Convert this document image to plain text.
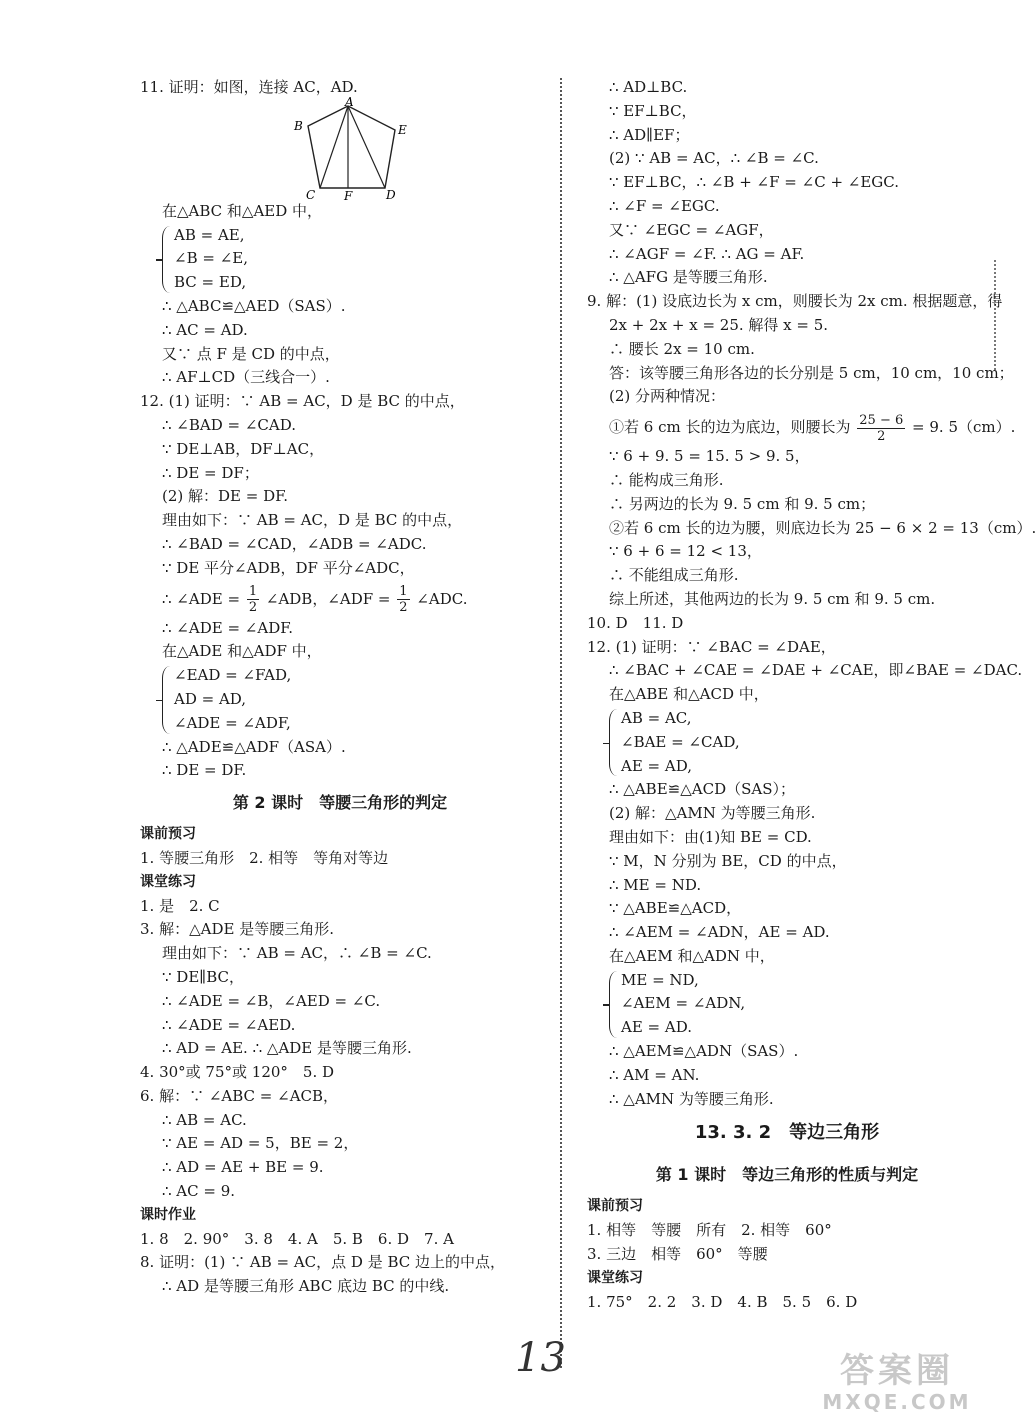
11. 证明：如图，连接 AC，AD.
A
B
C	D
E
F
在△ABC 和△AED 中，
AB = AE,
∠B = ∠E,
BC = ED,
∴ △ABC≌△AED（SAS）.
∴ AC = AD.
又∵ 点 F 是 CD 的中点，
∴ AF⊥CD（三线合一）.
12. (1) 证明：∵ AB = AC，D 是 BC 的中点，
∴ ∠BAD = ∠CAD.
∵ DE⊥AB，DF⊥AC，
∴ DE = DF；
(2) 解：DE = DF.
理由如下：∵ AB = AC，D 是 BC 的中点，
∴ ∠BAD = ∠CAD，∠ADB = ∠ADC.
∵ DE 平分∠ADB，DF 平分∠ADC，
∴ ∠ADE = $\frac{1}{2}$ ∠ADB，∠ADF = $\frac{1}{2}$ ∠ADC.
∴ ∠ADE = ∠ADF.
在△ADE 和△ADF 中，
∠EAD = ∠FAD,
AD = AD,
∠ADE = ∠ADF,
∴ △ADE≌△ADF（ASA）.
∴ DE = DF.
第 2 课时　等腰三角形的判定
课前预习
1. 等腰三角形　2. 相等　等角对等边
课堂练习
1. 是　2. C
3. 解：△ADE 是等腰三角形.
理由如下：∵ AB = AC，∴ ∠B = ∠C.
∵ DE∥BC，
∴ ∠ADE = ∠B，∠AED = ∠C.
∴ ∠ADE = ∠AED.
∴ AD = AE. ∴ △ADE 是等腰三角形.
4. 30°或 75°或 120°　5. D
6. 解：∵ ∠ABC = ∠ACB，
∴ AB = AC.
∵ AE = AD = 5，BE = 2，
∴ AD = AE + BE = 9.
∴ AC = 9.
课时作业
1. 8　2. 90°　3. 8　4. A　5. B　6. D　7. A
8. 证明：(1) ∵ AB = AC，点 D 是 BC 边上的中点，
∴ AD 是等腰三角形 ABC 底边 BC 的中线.
∴ AD⊥BC.
∵ EF⊥BC，
∴ AD∥EF；
(2) ∵ AB = AC，∴ ∠B = ∠C.
∵ EF⊥BC，∴ ∠B + ∠F = ∠C + ∠EGC.
∴ ∠F = ∠EGC.
又∵ ∠EGC = ∠AGF，
∴ ∠AGF = ∠F. ∴ AG = AF.
∴ △AFG 是等腰三角形.
9. 解：(1) 设底边长为 x cm，则腰长为 2x cm. 根据题意，得
2x + 2x + x = 25. 解得 x = 5.
∴ 腰长 2x = 10 cm.
答：该等腰三角形各边的长分别是 5 cm，10 cm，10 cm；
(2) 分两种情况：
①若 6 cm 长的边为底边，则腰长为 $\frac{25 - 6}{2} = 9$. 5（cm）.
∵ 6 + 9. 5 = 15. 5 > 9. 5，
∴ 能构成三角形.
∴ 另两边的长为 9. 5 cm 和 9. 5 cm；
②若 6 cm 长的边为腰，则底边长为 25 − 6 × 2 = 13（cm）.
∵ 6 + 6 = 12 < 13，
∴ 不能组成三角形.
综上所述，其他两边的长为 9. 5 cm 和 9. 5 cm.
10. D　11. D
12. (1) 证明：∵ ∠BAC = ∠DAE，
∴ ∠BAC + ∠CAE = ∠DAE + ∠CAE，即∠BAE = ∠DAC.
在△ABE 和△ACD 中，
AB = AC,
∠BAE = ∠CAD,
AE = AD,
∴ △ABE≌△ACD（SAS）；
(2) 解：△AMN 为等腰三角形.
理由如下：由(1)知 BE = CD.
∵ M，N 分别为 BE，CD 的中点，
∴ ME = ND.
∵ △ABE≌△ACD，
∴ ∠AEM = ∠ADN，AE = AD.
在△AEM 和△ADN 中，
ME = ND,
∠AEM = ∠ADN,
AE = AD.
∴ △AEM≌△ADN（SAS）.
∴ AM = AN.
∴ △AMN 为等腰三角形.
13. 3. 2　等边三角形
第 1 课时　等边三角形的性质与判定
课前预习
1. 相等　等腰　所有　2. 相等　60°
3. 三边　相等　60°　等腰
课堂练习
1. 75°　2. 2　3. D　4. B　5. 5　6. D
13	答案圈
MXQE.COM
